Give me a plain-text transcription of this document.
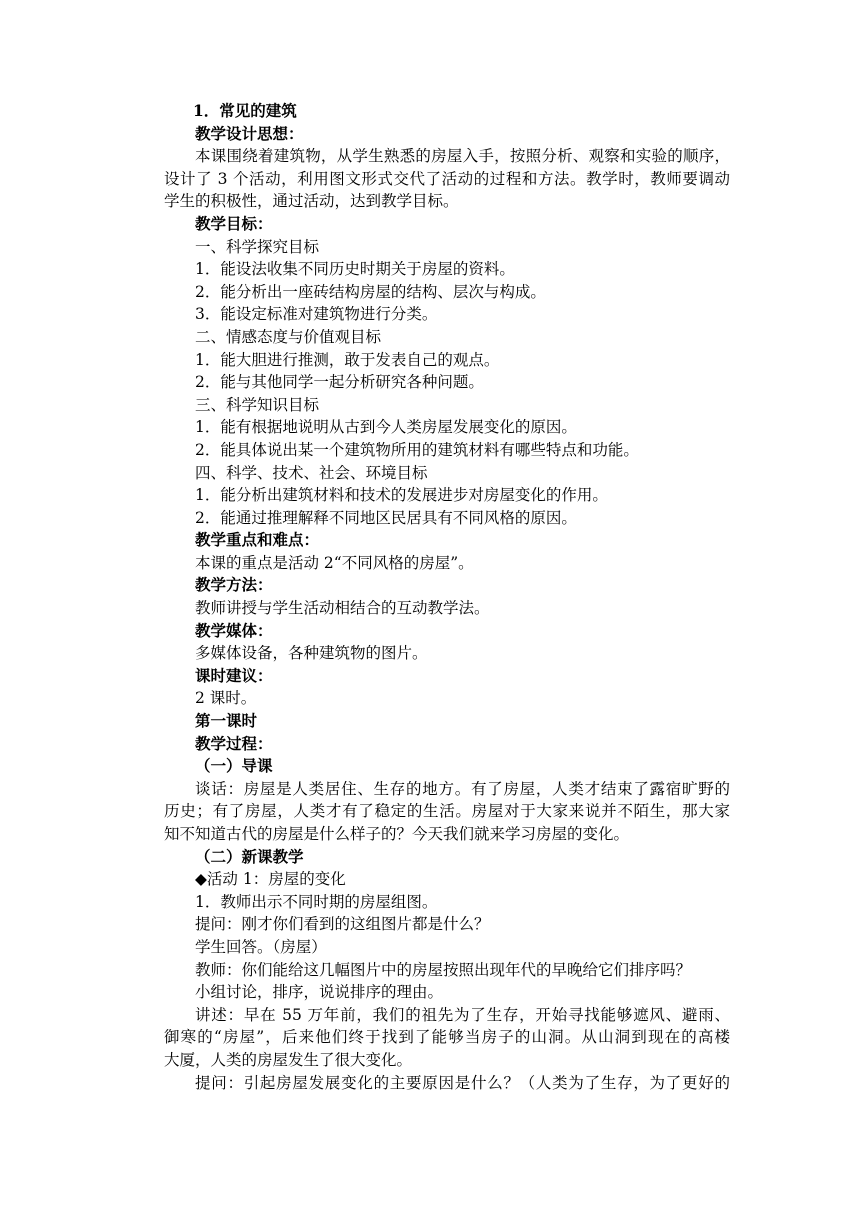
1．常见的建筑
教学设计思想：
本课围绕着建筑物，从学生熟悉的房屋入手，按照分析、观察和实验的顺序，
设计了 3 个活动，利用图文形式交代了活动的过程和方法。教学时，教师要调动
学生的积极性，通过活动，达到教学目标。
教学目标：
一、科学探究目标
1．能设法收集不同历史时期关于房屋的资料。
2．能分析出一座砖结构房屋的结构、层次与构成。
3．能设定标准对建筑物进行分类。
二、情感态度与价值观目标
1．能大胆进行推测，敢于发表自己的观点。
2．能与其他同学一起分析研究各种问题。
三、科学知识目标
1．能有根据地说明从古到今人类房屋发展变化的原因。
2．能具体说出某一个建筑物所用的建筑材料有哪些特点和功能。
四、科学、技术、社会、环境目标
1．能分析出建筑材料和技术的发展进步对房屋变化的作用。
2．能通过推理解释不同地区民居具有不同风格的原因。
教学重点和难点：
本课的重点是活动 2“不同风格的房屋”。
教学方法：
教师讲授与学生活动相结合的互动教学法。
教学媒体：
多媒体设备，各种建筑物的图片。
课时建议：
2 课时。
第一课时
教学过程：
（一）导课
谈话：房屋是人类居住、生存的地方。有了房屋，人类才结束了露宿旷野的
历史；有了房屋，人类才有了稳定的生活。房屋对于大家来说并不陌生，那大家
知不知道古代的房屋是什么样子的？今天我们就来学习房屋的变化。
（二）新课教学
◆活动 1：房屋的变化
1．教师出示不同时期的房屋组图。
提问：刚才你们看到的这组图片都是什么？
学生回答。（房屋）
教师：你们能给这几幅图片中的房屋按照出现年代的早晚给它们排序吗？
小组讨论，排序，说说排序的理由。
讲述：早在 55 万年前，我们的祖先为了生存，开始寻找能够遮风、避雨、
御寒的“房屋”，后来他们终于找到了能够当房子的山洞。从山洞到现在的高楼
大厦，人类的房屋发生了很大变化。
提问：引起房屋发展变化的主要原因是什么？（人类为了生存，为了更好的
